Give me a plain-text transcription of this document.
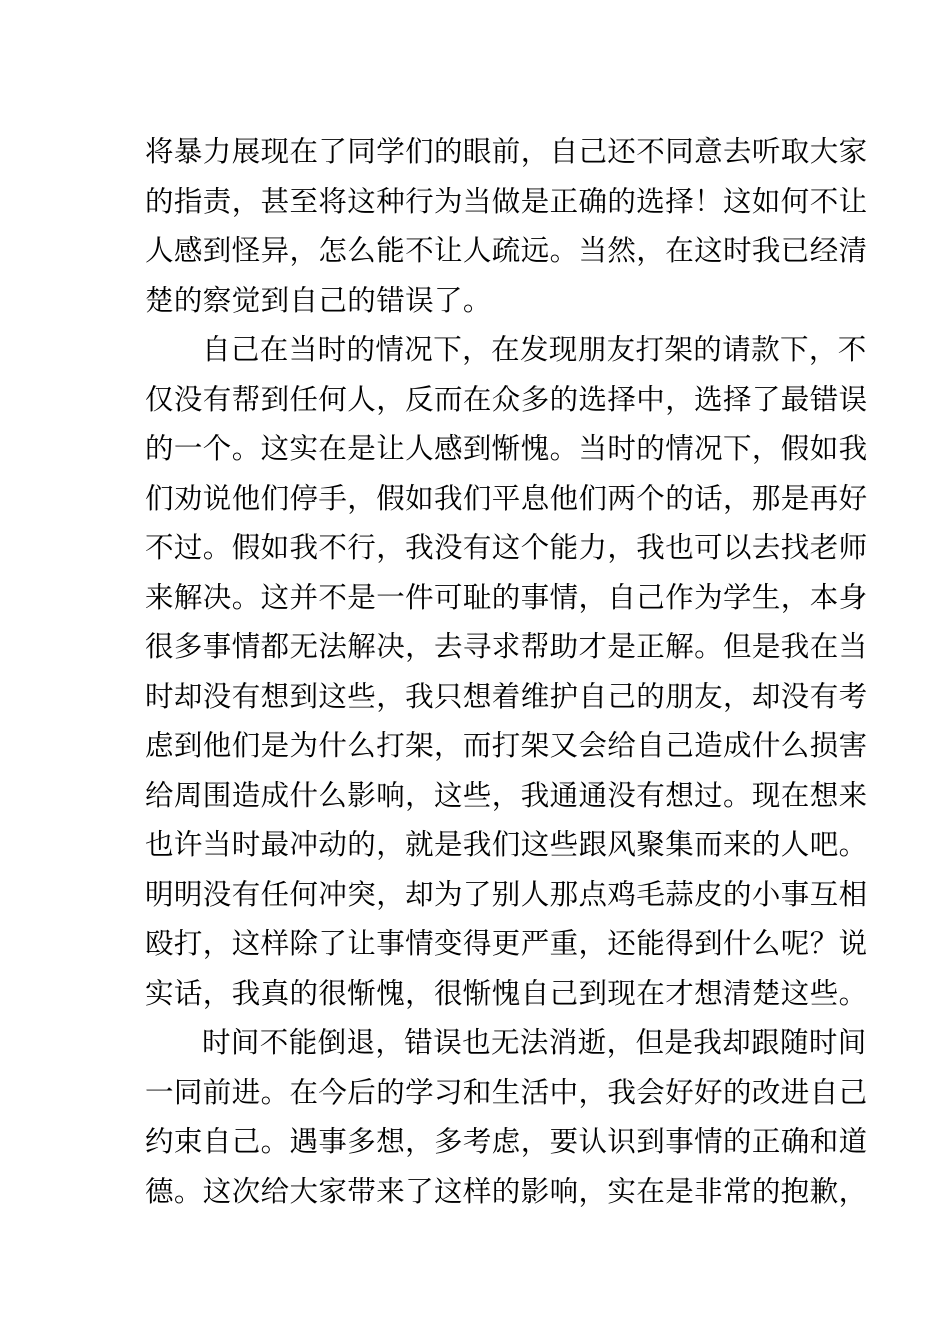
将暴力展现在了同学们的眼前，自己还不同意去听取大家
的指责，甚至将这种行为当做是正确的选择！这如何不让
人感到怪异，怎么能不让人疏远。当然，在这时我已经清
楚的察觉到自己的错误了。
自己在当时的情况下，在发现朋友打架的请款下，不
仅没有帮到任何人，反而在众多的选择中，选择了最错误
的一个。这实在是让人感到惭愧。当时的情况下，假如我
们劝说他们停手，假如我们平息他们两个的话，那是再好
不过。假如我不行，我没有这个能力，我也可以去找老师
来解决。这并不是一件可耻的事情，自己作为学生，本身
很多事情都无法解决，去寻求帮助才是正解。但是我在当
时却没有想到这些，我只想着维护自己的朋友，却没有考
虑到他们是为什么打架，而打架又会给自己造成什么损害
给周围造成什么影响，这些，我通通没有想过。现在想来
也许当时最冲动的，就是我们这些跟风聚集而来的人吧。
明明没有任何冲突，却为了别人那点鸡毛蒜皮的小事互相
殴打，这样除了让事情变得更严重，还能得到什么呢？说
实话，我真的很惭愧，很惭愧自己到现在才想清楚这些。
时间不能倒退，错误也无法消逝，但是我却跟随时间
一同前进。在今后的学习和生活中，我会好好的改进自己
约束自己。遇事多想，多考虑，要认识到事情的正确和道
德。这次给大家带来了这样的影响，实在是非常的抱歉，
